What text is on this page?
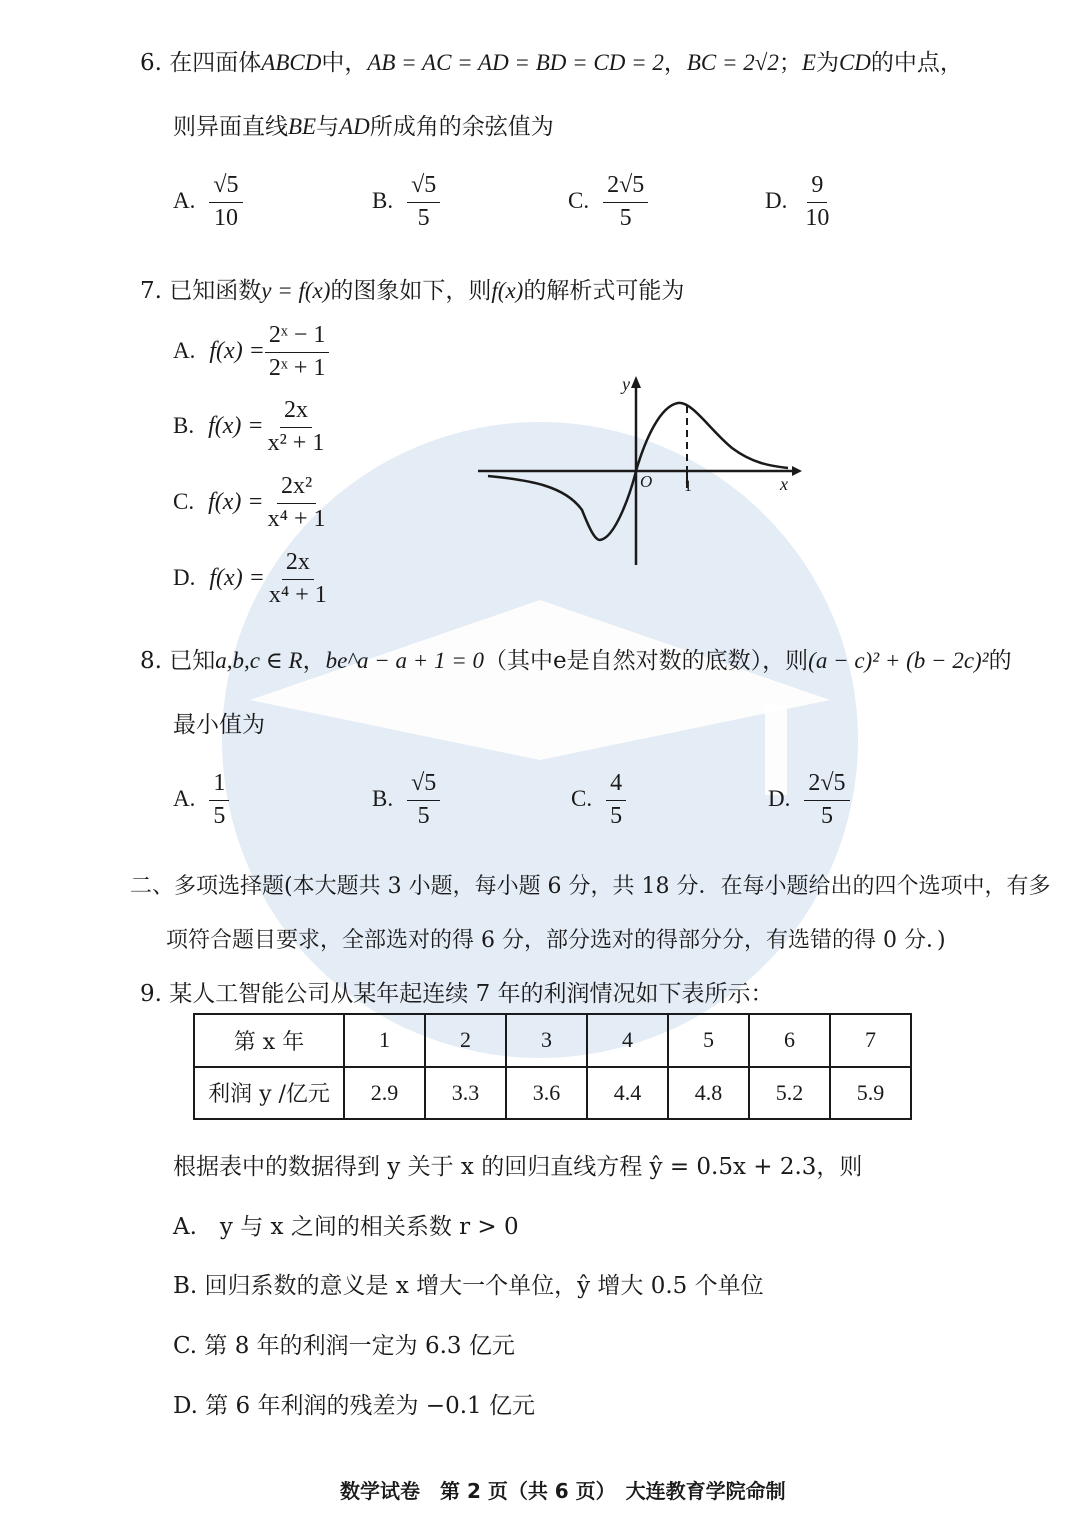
6. 在四面体ABCD中，AB = AC = AD = BD = CD = 2，BC = 2√2；E为CD的中点，
则异面直线BE与AD所成角的余弦值为
A. $\frac{√5}{10}$	B. $\frac{√5}{5}$	C. $\frac{2√5}{5}$	D. $\frac{9}{10}$
7. 已知函数y = f(x)的图象如下，则f(x)的解析式可能为
A. $f(x) = \frac{\text{2ˣ − 1}}{\text{2ˣ + 1}}$
B. $f(x) = \frac{2x}{\text{x² + 1}}$
C. $f(x) = \frac{\text{2x²}}{\text{x⁴ + 1}}$
D. $f(x) = \frac{2x}{\text{x⁴ + 1}}$
y
O	x
1
8. 已知a,b,c ∈ R，be^a − a + 1 = 0（其中e是自然对数的底数），则(a − c)² + (b − 2c)²的
最小值为
A. $\frac{1}{5}$	B. $\frac{√5}{5}$	C. $\frac{4}{5}$	D. $\frac{2√5}{5}$
二、多项选择题(本大题共 3 小题，每小题 6 分，共 18 分．在每小题给出的四个选项中，有多
项符合题目要求，全部选对的得 6 分，部分选对的得部分分，有选错的得 0 分．)
9. 某人工智能公司从某年起连续 7 年的利润情况如下表所示：
第 x 年	1	2	3	4	5	6	7
利润 y /亿元	2.9	3.3	3.6	4.4	4.8	5.2	5.9
根据表中的数据得到 y 关于 x 的回归直线方程 ŷ = 0.5x + 2.3，则
A.　y 与 x 之间的相关系数 r > 0
B. 回归系数的意义是 x 增大一个单位，ŷ 增大 0.5 个单位
C. 第 8 年的利润一定为 6.3 亿元
D. 第 6 年利润的残差为 −0.1 亿元
数学试卷　第 2 页（共 6 页）　大连教育学院命制
